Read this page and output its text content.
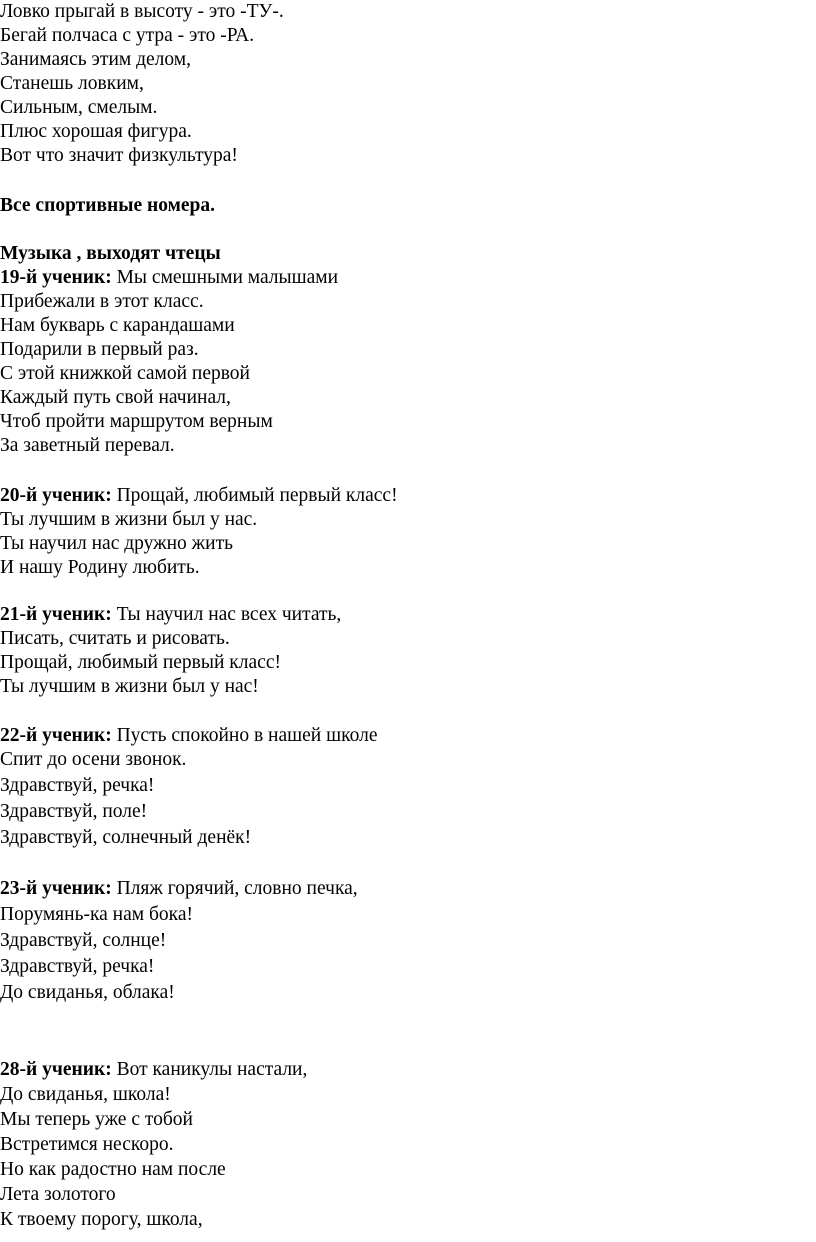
Ловко прыгай в высоту - это -ТУ-.
Бегай полчаса с утра - это -РА.
Занимаясь этим делом,
Станешь ловким,
Сильным, смелым.
Плюс хорошая фигура.
Вот что значит физкультура!
Все спортивные номера.
Музыка , выходят чтецы
19-й ученик: Мы смешными малышами
Прибежали в этот класс.
Нам букварь с карандашами
Подарили в первый раз.
С этой книжкой самой первой
Каждый путь свой начинал,
Чтоб пройти маршрутом верным
За заветный перевал.
20-й ученик: Прощай, любимый первый класс!
Ты лучшим в жизни был у нас.
Ты научил нас дружно жить
И нашу Родину любить.
21-й ученик: Ты научил нас всех читать,
Писать, считать и рисовать.
Прощай, любимый первый класс!
Ты лучшим в жизни был у нас!
22-й ученик: Пусть спокойно в нашей школе
Спит до осени звонок.
Здравствуй, речка!
Здравствуй, поле!
Здравствуй, солнечный денёк!
23-й ученик: Пляж горячий, словно печка,
Порумянь-ка нам бока!
Здравствуй, солнце!
Здравствуй, речка!
До свиданья, облака!
28-й ученик: Вот каникулы настали,
До свиданья, школа!
Мы теперь уже с тобой
Встретимся нескоро.
Но как радостно нам после
Лета золотого
К твоему порогу, школа,
